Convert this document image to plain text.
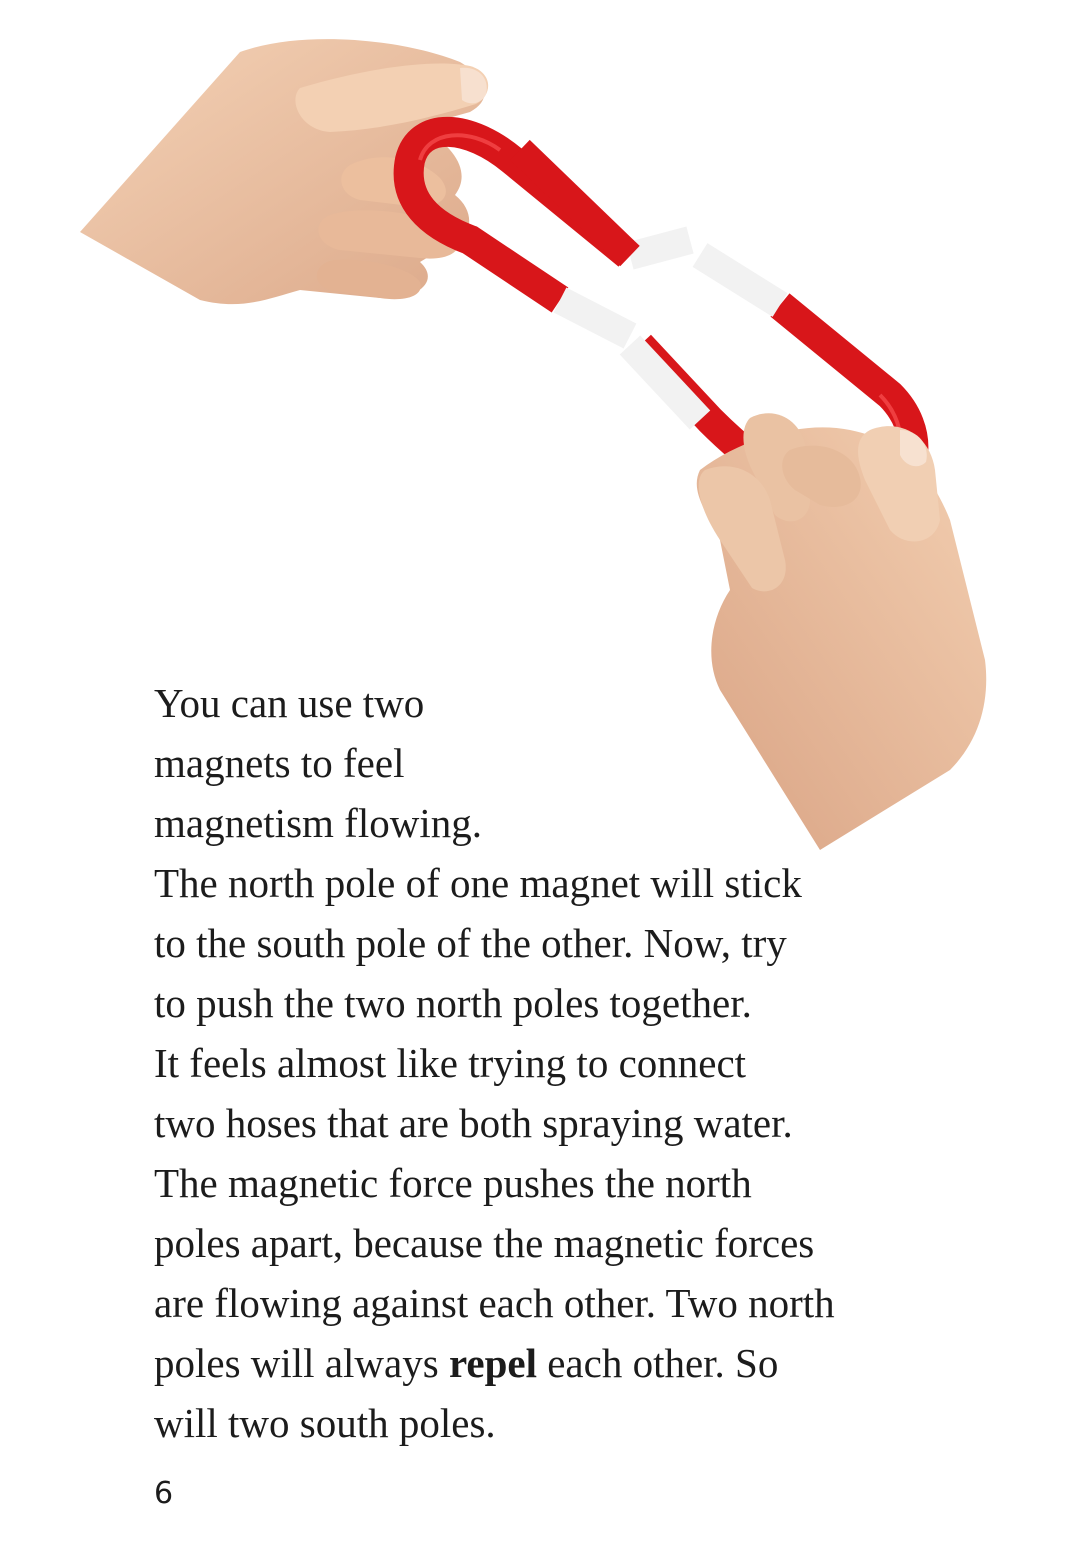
You can use two
magnets to feel
magnetism flowing.
The north pole of one magnet will stick
to the south pole of the other. Now, try
to push the two north poles together.
It feels almost like trying to connect
two hoses that are both spraying water.
The magnetic force pushes the north
poles apart, because the magnetic forces
are flowing against each other. Two north
poles will always repel each other. So
will two south poles.

6
